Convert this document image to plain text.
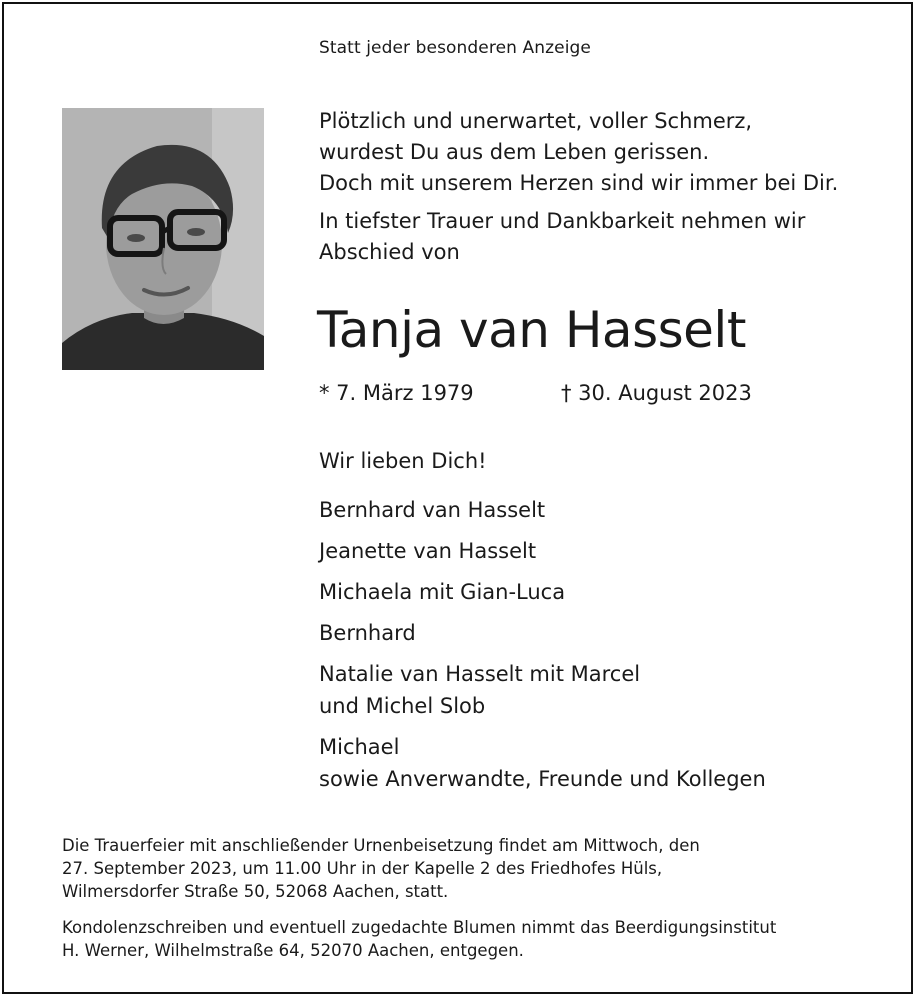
Statt jeder besonderen Anzeige
Plötzlich und unerwartet, voller Schmerz,
wurdest Du aus dem Leben gerissen.
Doch mit unserem Herzen sind wir immer bei Dir.
In tiefster Trauer und Dankbarkeit nehmen wir
Abschied von
Tanja van Hasselt
* 7. März 1979	† 30. August 2023
Wir lieben Dich!
Bernhard van Hasselt
Jeanette van Hasselt
Michaela mit Gian-Luca
Bernhard
Natalie van Hasselt mit Marcel
und Michel Slob
Michael
sowie Anverwandte, Freunde und Kollegen
Die Trauerfeier mit anschließender Urnenbeisetzung findet am Mittwoch, den
27. September 2023, um 11.00 Uhr in der Kapelle 2 des Friedhofes Hüls,
Wilmersdorfer Straße 50, 52068 Aachen, statt.
Kondolenzschreiben und eventuell zugedachte Blumen nimmt das Beerdigungsinstitut
H. Werner, Wilhelmstraße 64, 52070 Aachen, entgegen.
